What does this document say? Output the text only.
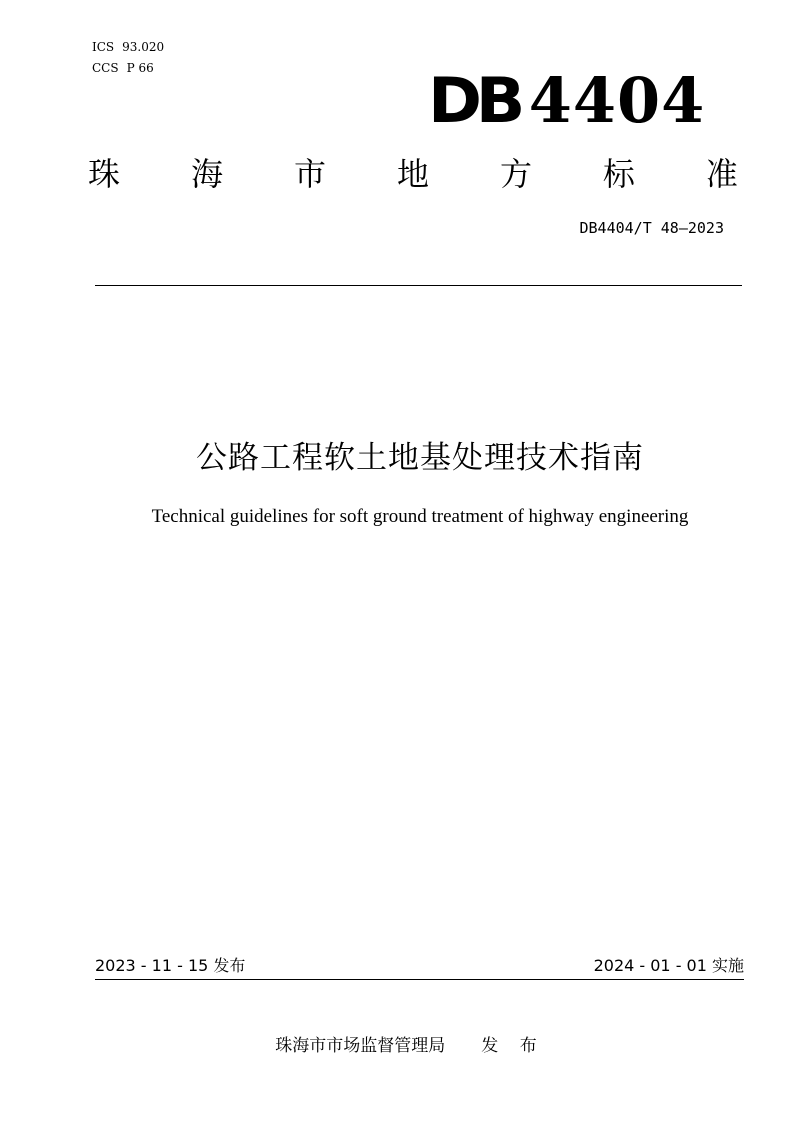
ICS 93.020
CCS P 66	DB 4404
珠 海 市 地 方 标 准
DB4404/T 48—2023
公路工程软土地基处理技术指南
Technical guidelines for soft ground treatment of highway engineering
2023 - 11 - 15 发布	2024 - 01 - 01 实施
珠海市市场监督管理局 发 布
